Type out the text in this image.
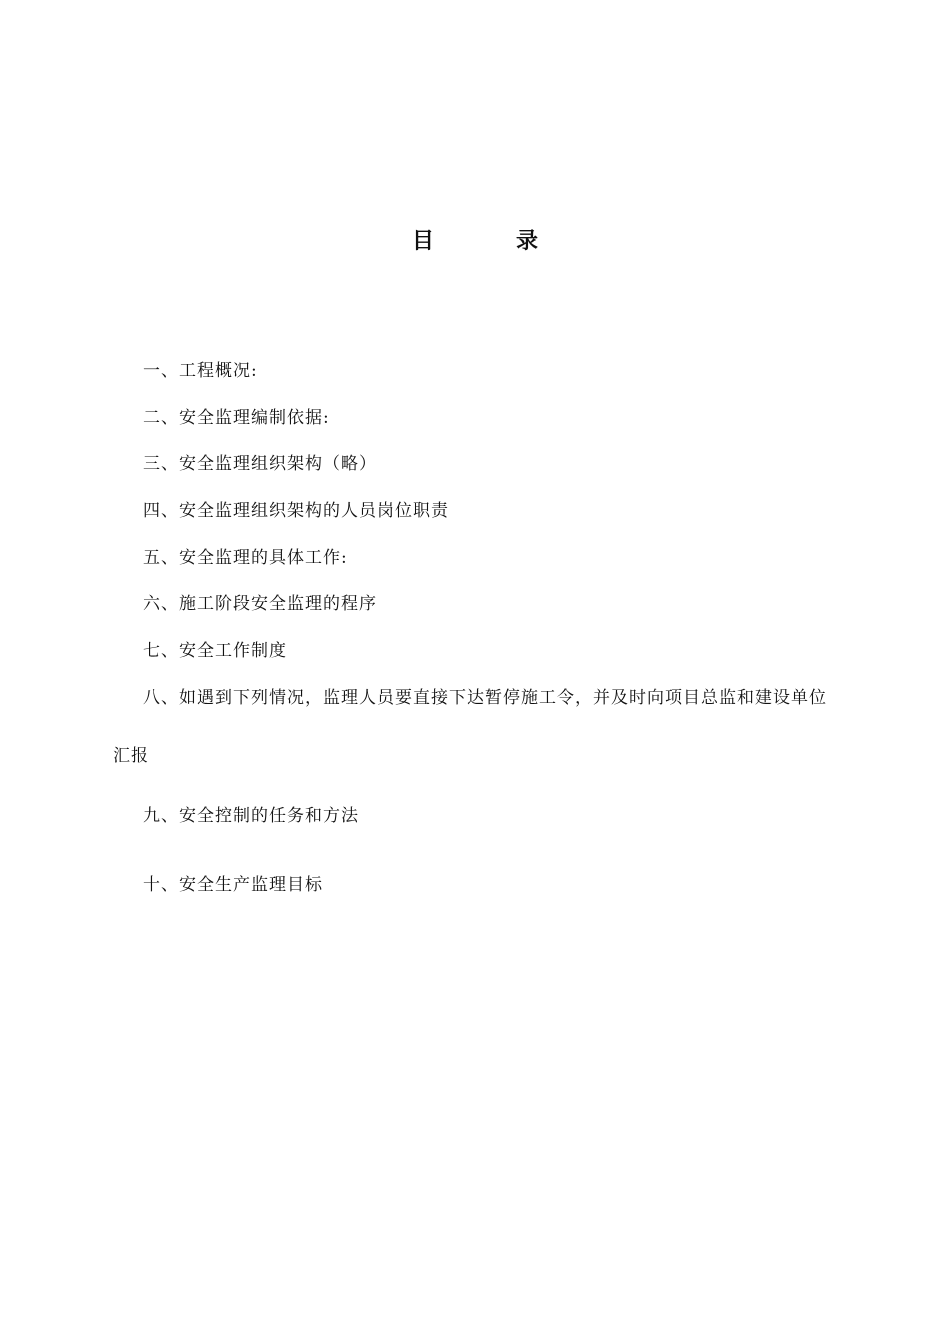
目	录
一、工程概况:
二、安全监理编制依据:
三、安全监理组织架构（略）
四、安全监理组织架构的人员岗位职责
五、安全监理的具体工作:
六、施工阶段安全监理的程序
七、安全工作制度
八、如遇到下列情况，监理人员要直接下达暂停施工令，并及时向项目总监和建设单位汇报
九、安全控制的任务和方法
十、安全生产监理目标
